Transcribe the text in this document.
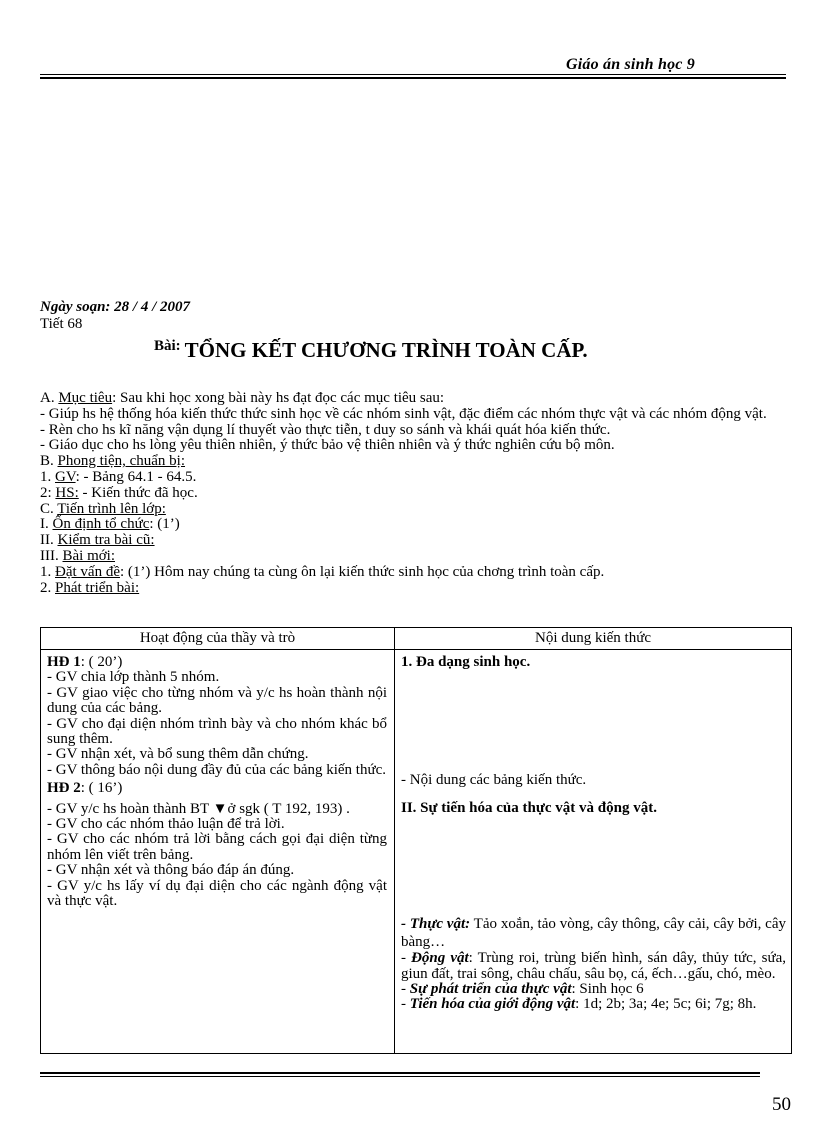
Giáo án sinh học 9
Ngày soạn: 28 / 4 / 2007
Tiết 68
Bài: TỔNG KẾT CHƯƠNG TRÌNH TOÀN CẤP.

A. Mục tiêu: Sau khi học xong bài này hs đạt đọc các mục tiêu sau:

- Giúp hs hệ thống hóa kiến thức thức sinh học về các nhóm sinh vật, đặc điểm các nhóm thực vật và các nhóm động vật.

- Rèn cho hs kĩ năng vận dụng lí thuyết vào thực tiễn, t duy so sánh và khái quát hóa kiến thức.

- Giáo dục cho hs lòng yêu thiên nhiên, ý thức bảo vệ thiên nhiên và ý thức nghiên cứu bộ môn.

B. Phong tiện, chuẩn bị:

1. GV: - Bảng 64.1 - 64.5.

2: HS: - Kiến thức đã học.

C. Tiến trình lên lớp:

I. Ổn định tổ chức: (1’)

II. Kiểm tra bài cũ:

III. Bài mới:

1. Đặt vấn đề: (1’) Hôm nay chúng ta cùng ôn lại kiến thức sinh học của chơng trình toàn cấp.

2. Phát triển bài:

Hoạt động của thầy và trò	Nội dung kiến thức

HĐ 1: ( 20’)

- GV chia lớp thành 5 nhóm.

- GV giao việc cho từng nhóm và y/c hs hoàn thành nội dung của các bảng.

- GV cho đại diện nhóm trình bày và cho nhóm khác bổ sung thêm.

- GV nhận xét, và bổ sung thêm dẫn chứng.

- GV thông báo nội dung đầy đủ của các bảng kiến thức.

HĐ 2: ( 16’)

- GV y/c hs hoàn thành BT ▼ở sgk ( T 192, 193) .

- GV cho các nhóm thảo luận để trả lời.

- GV cho các nhóm trả lời bằng cách gọi đại diện từng nhóm lên viết trên bảng.

- GV nhận xét và thông báo đáp án đúng.

- GV y/c hs lấy ví dụ đại diện cho các ngành động vật và thực vật.

1. Đa dạng sinh học.

- Nội dung các bảng kiến thức.

II. Sự tiến hóa của thực vật và động vật.

- Thực vật: Tảo xoắn, tảo vòng, cây thông, cây cải, cây bởi, cây bàng…

- Động vật: Trùng roi, trùng biến hình, sán dây, thủy tức, sứa, giun đất, trai sông, châu chấu, sâu bọ, cá, ếch…gấu, chó, mèo.

- Sự phát triển của thực vật: Sinh học 6

- Tiến hóa của giới động vật: 1d; 2b; 3a; 4e; 5c; 6i; 7g; 8h.

50
